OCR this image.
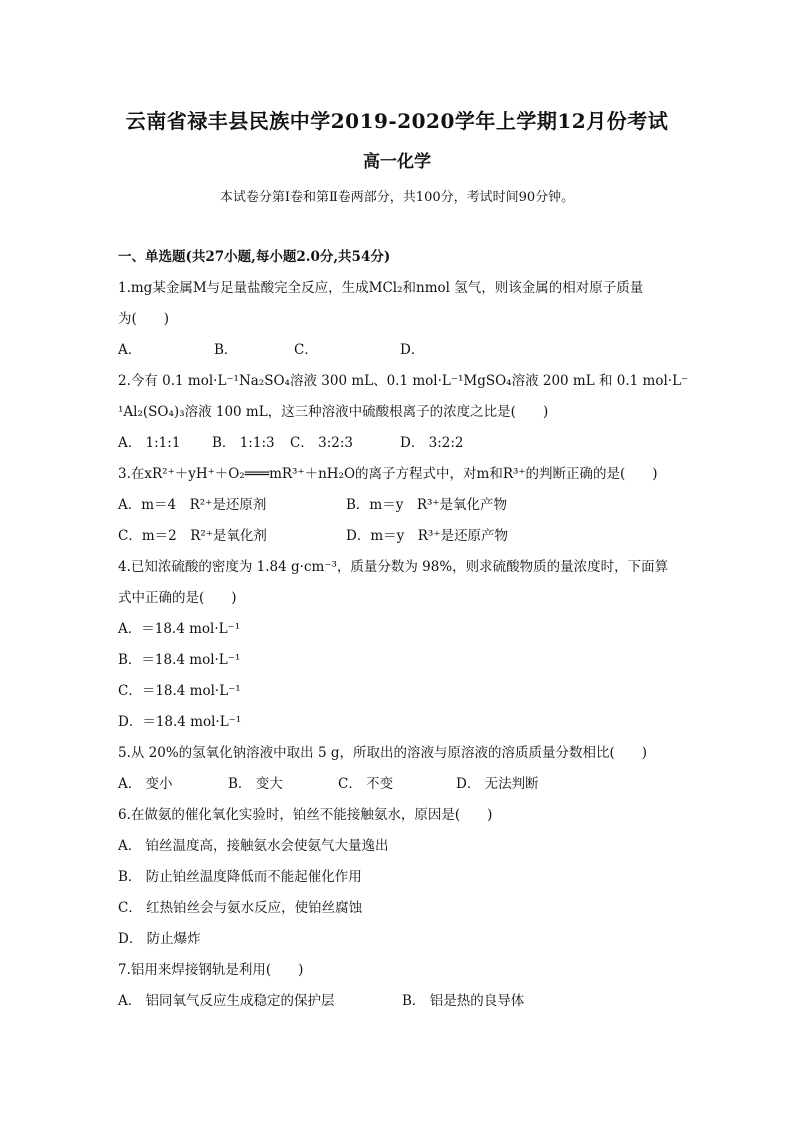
云南省禄丰县民族中学2019-2020学年上学期12月份考试
高一化学
本试卷分第Ⅰ卷和第Ⅱ卷两部分，共100分，考试时间90分钟。
一、单选题(共27小题,每小题2.0分,共54分)
1.mg某金属M与足量盐酸完全反应，生成MCl₂和nmol 氢气，则该金属的相对原子质量
为(　　)
A．	B．	C．	D．
2.今有 0.1 mol·L⁻¹Na₂SO₄溶液 300 mL、0.1 mol·L⁻¹MgSO₄溶液 200 mL 和 0.1 mol·L⁻
¹Al₂(SO₄)₃溶液 100 mL，这三种溶液中硫酸根离子的浓度之比是(　　)
A． 1:1:1 B． 1:1:3 C． 3:2:3	D． 3:2:2
3.在xR²⁺＋yH⁺＋O₂═══mR³⁺＋nH₂O的离子方程式中，对m和R³⁺的判断正确的是(　　)
A．m＝4　R²⁺是还原剂	B．m＝y　R³⁺是氧化产物
C．m＝2　R²⁺是氧化剂	D．m＝y　R³⁺是还原产物
4.已知浓硫酸的密度为 1.84 g·cm⁻³，质量分数为 98%，则求硫酸物质的量浓度时，下面算
式中正确的是(　　)
A．＝18.4 mol·L⁻¹
B．＝18.4 mol·L⁻¹
C．＝18.4 mol·L⁻¹
D．＝18.4 mol·L⁻¹
5.从 20%的氢氧化钠溶液中取出 5 g，所取出的溶液与原溶液的溶质质量分数相比(　　)
A． 变小	B． 变大	C． 不变	D． 无法判断
6.在做氨的催化氧化实验时，铂丝不能接触氨水，原因是(　　)
A． 铂丝温度高，接触氨水会使氨气大量逸出
B． 防止铂丝温度降低而不能起催化作用
C． 红热铂丝会与氨水反应，使铂丝腐蚀
D． 防止爆炸
7.铝用来焊接钢轨是利用(　　)
A． 铝同氧气反应生成稳定的保护层	B． 铝是热的良导体
